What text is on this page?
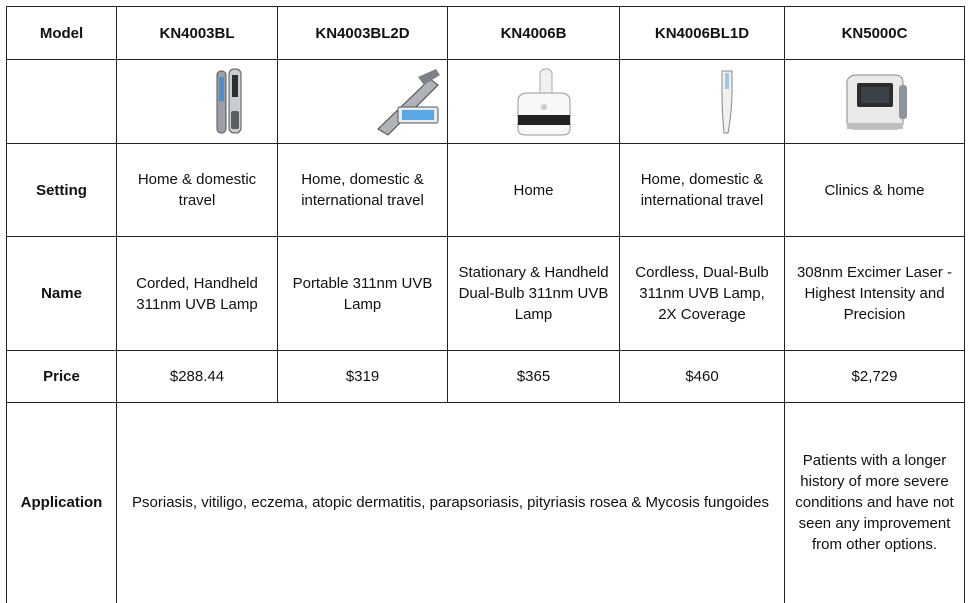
Model	KN4003BL	KN4003BL2D	KN4006B	KN4006BL1D	KN5000C

Setting	Home & domestic travel	Home, domestic & international travel	Home	Home, domestic & international travel	Clinics & home
Name	Corded, Handheld 311nm UVB Lamp	Portable 311nm UVB Lamp	Stationary & Handheld Dual-Bulb 311nm UVB Lamp	Cordless, Dual-Bulb 311nm UVB Lamp, 2X Coverage	308nm Excimer Laser - Highest Intensity and Precision
Price	$288.44	$319	$365	$460	$2,729
Application	Psoriasis, vitiligo, eczema, atopic dermatitis, parapsoriasis, pityriasis rosea & Mycosis fungoides				Patients with a longer history of more severe conditions and have not seen any improvement from other options.
